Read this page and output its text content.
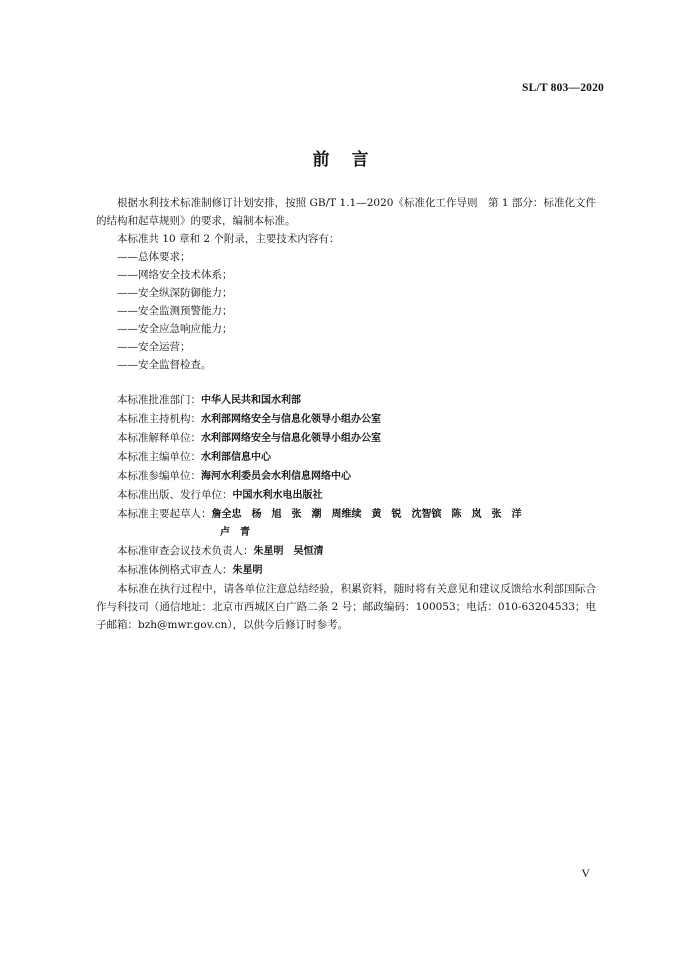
SL/T 803—2020
前 言

根据水利技术标准制修订计划安排，按照 GB/T 1.1—2020《标准化工作导则　第 1 部分：标准化文件的结构和起草规则》的要求，编制本标准。

本标准共 10 章和 2 个附录，主要技术内容有：

——总体要求；

——网络安全技术体系；

——安全纵深防御能力；

——安全监测预警能力；

——安全应急响应能力；

——安全运营；

——安全监督检查。

本标准批准部门：中华人民共和国水利部

本标准主持机构：水利部网络安全与信息化领导小组办公室

本标准解释单位：水利部网络安全与信息化领导小组办公室

本标准主编单位：水利部信息中心

本标准参编单位：海河水利委员会水利信息网络中心

本标准出版、发行单位：中国水利水电出版社

本标准主要起草人：詹全忠　杨　旭　张　潮　周维续　黄　锐　沈智镔　陈　岚　张　洋

卢　青

本标准审查会议技术负责人：朱星明　吴恒清

本标准体例格式审查人：朱星明

本标准在执行过程中，请各单位注意总结经验，积累资料，随时将有关意见和建议反馈给水利部国际合作与科技司（通信地址：北京市西城区白广路二条 2 号；邮政编码：100053；电话：010-63204533；电子邮箱：bzh@mwr.gov.cn），以供今后修订时参考。

V
